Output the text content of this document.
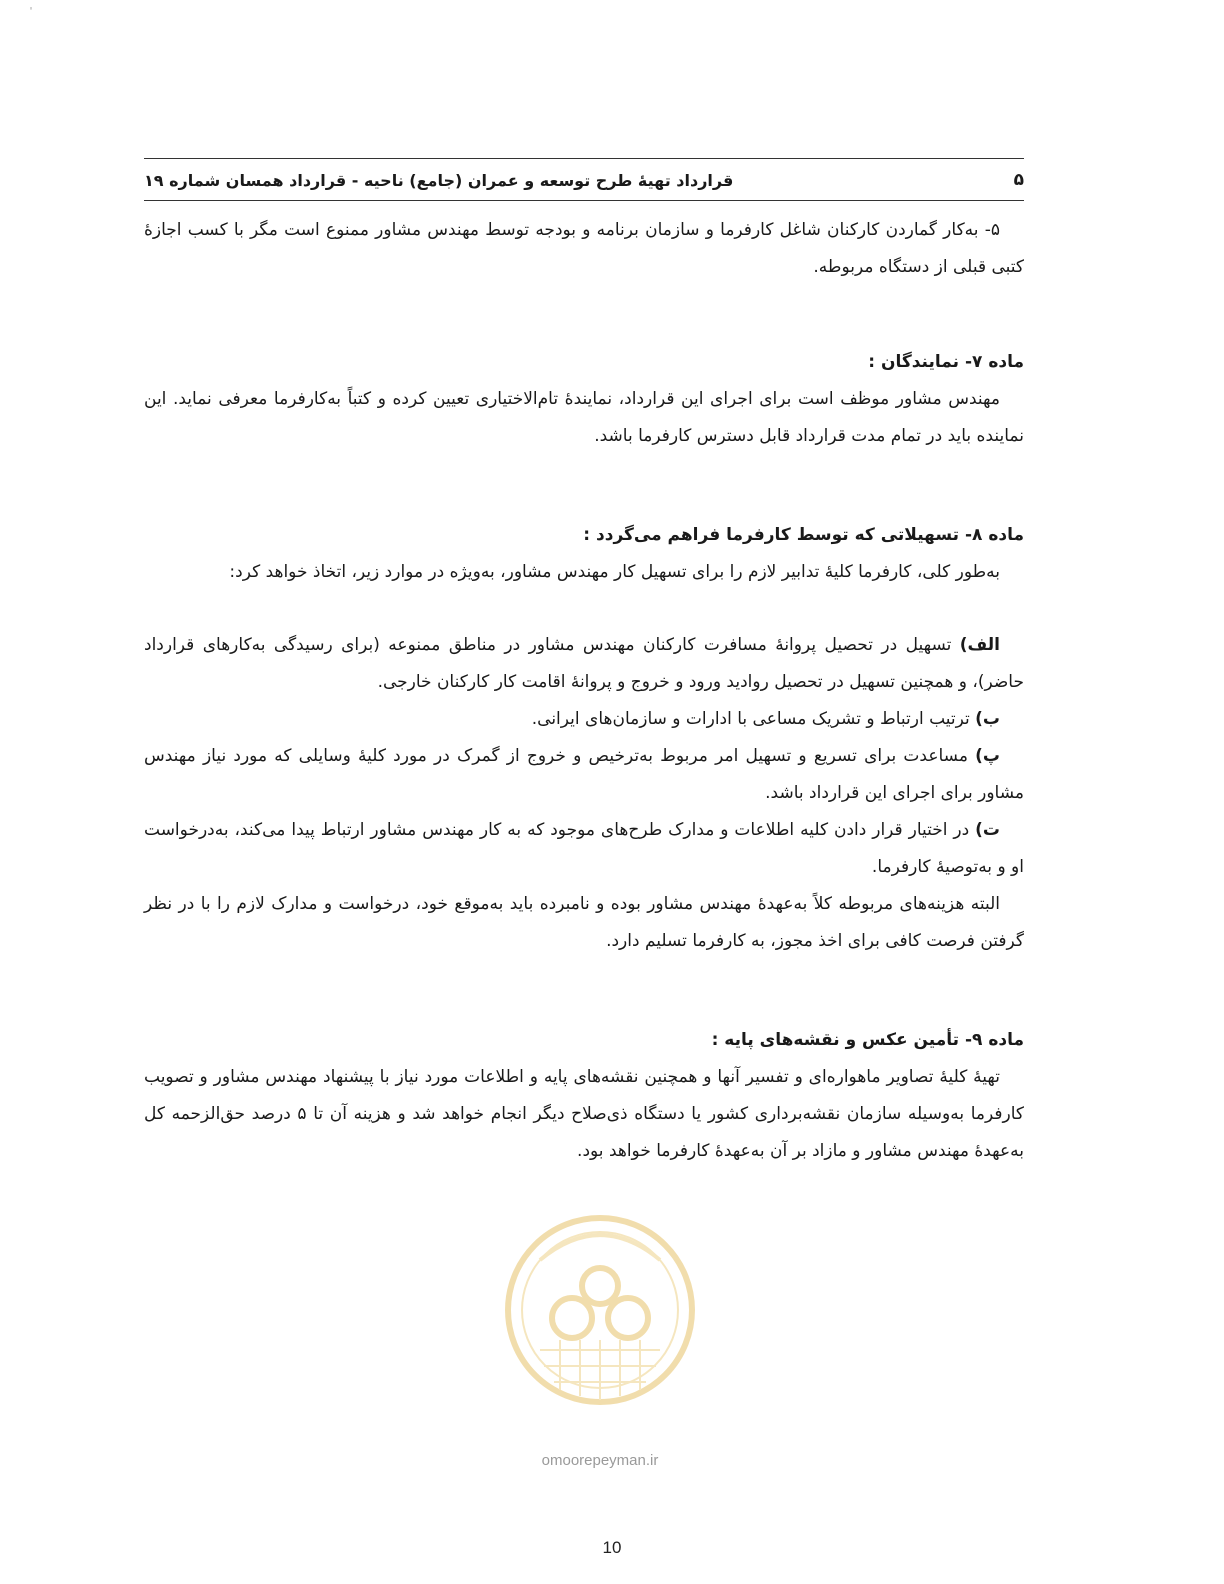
'
۵
قرارداد تهیهٔ طرح توسعه و عمران (جامع) ناحیه - قرارداد همسان شماره ۱۹

۵- به‌کار گماردن کارکنان شاغل کارفرما و سازمان برنامه و بودجه توسط مهندس مشاور ممنوع است مگر با کسب اجازهٔ کتبی قبلی از دستگاه مربوطه.

ماده ۷- نمایندگان :

مهندس مشاور موظف است برای اجرای این قرارداد، نمایندهٔ تام‌الاختیاری تعیین کرده و کتباً به‌کارفرما معرفی نماید. این نماینده باید در تمام مدت قرارداد قابل دسترس کارفرما باشد.

ماده ۸- تسهیلاتی که توسط کارفرما فراهم می‌گردد :

به‌طور کلی، کارفرما کلیهٔ تدابیر لازم را برای تسهیل کار مهندس مشاور، به‌ویژه در موارد زیر، اتخاذ خواهد کرد:

الف) تسهیل در تحصیل پروانهٔ مسافرت کارکنان مهندس مشاور در مناطق ممنوعه (برای رسیدگی به‌کارهای قرارداد حاضر)، و همچنین تسهیل در تحصیل روادید ورود و خروج و پروانهٔ اقامت کار کارکنان خارجی.

ب) ترتیب ارتباط و تشریک مساعی با ادارات و سازمان‌های ایرانی.

پ) مساعدت برای تسریع و تسهیل امر مربوط به‌ترخیص و خروج از گمرک در مورد کلیهٔ وسایلی که مورد نیاز مهندس مشاور برای اجرای این قرارداد باشد.

ت) در اختیار قرار دادن کلیه اطلاعات و مدارک طرح‌های موجود که به کار مهندس مشاور ارتباط پیدا می‌کند، به‌درخواست او و به‌توصیهٔ کارفرما.

البته هزینه‌های مربوطه کلاً به‌عهدهٔ مهندس مشاور بوده و نامبرده باید به‌موقع خود، درخواست و مدارک لازم را با در نظر گرفتن فرصت کافی برای اخذ مجوز، به کارفرما تسلیم دارد.

ماده ۹- تأمین عکس و نقشه‌های پایه :

تهیهٔ کلیهٔ تصاویر ماهواره‌ای و تفسیر آنها و همچنین نقشه‌های پایه و اطلاعات مورد نیاز با پیشنهاد مهندس مشاور و تصویب کارفرما به‌وسیله سازمان نقشه‌برداری کشور یا دستگاه ذی‌صلاح دیگر انجام خواهد شد و هزینه آن تا ۵ درصد حق‌الزحمه کل به‌عهدهٔ مهندس مشاور و مازاد بر آن به‌عهدهٔ کارفرما خواهد بود.

omoorepeyman.ir
10
